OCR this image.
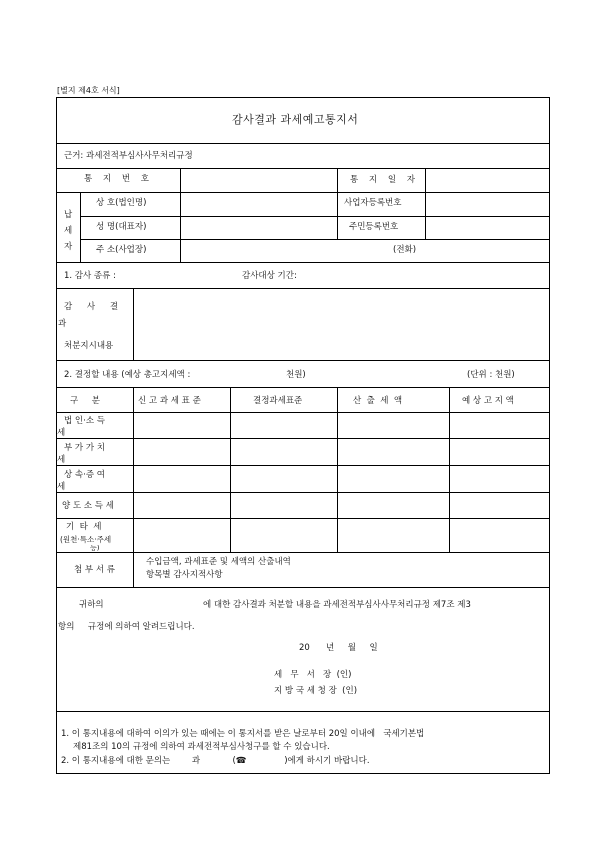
[별지 제4호 서식]
감사결과 과세예고통지서
근거: 과세전적부심사사무처리규정
통 지 번 호	통 지 일 자
납
세
자
상 호(법인명)	사업자등록번호
성 명(대표자)	주민등록번호
주 소(사업장)	(전화)
1. 감사 종류 :	감사대상 기간:
감 사 결
과
처분지시내용
2. 결정할 내용 (예상 총고지세액 :	천원)	(단위 : 천원)
구     분	신 고 과 세 표 준	결정과세표준	산  출  세  액	예 상 고 지 액
법 인·소 득
세
부 가 가 치
세
상 속·증 여
세
양 도 소 득 세
기  타  세
(원천·특소·주세
등)
첨 부 서 류
수입금액, 과세표준 및 세액의 산출내역
항목별 감사지적사항
귀하의	에 대한 감사결과 처분할 내용을 과세전적부심사사무처리규정 제7조 제3
항의     규정에 의하여 알려드립니다.
20      년     월     일
세   무   서   장  (인)
지 방 국 세 청 장  (인)
1. 이 통지내용에 대하여 이의가 있는 때에는 이 통지서를 받은 날로부터 20일 이내에   국세기본법
제81조의 10의 규정에 의하여 과세전적부심사청구를 할 수 있습니다.
2. 이 통지내용에 대한 문의는        과            (☎              )에게 하시기 바랍니다.
